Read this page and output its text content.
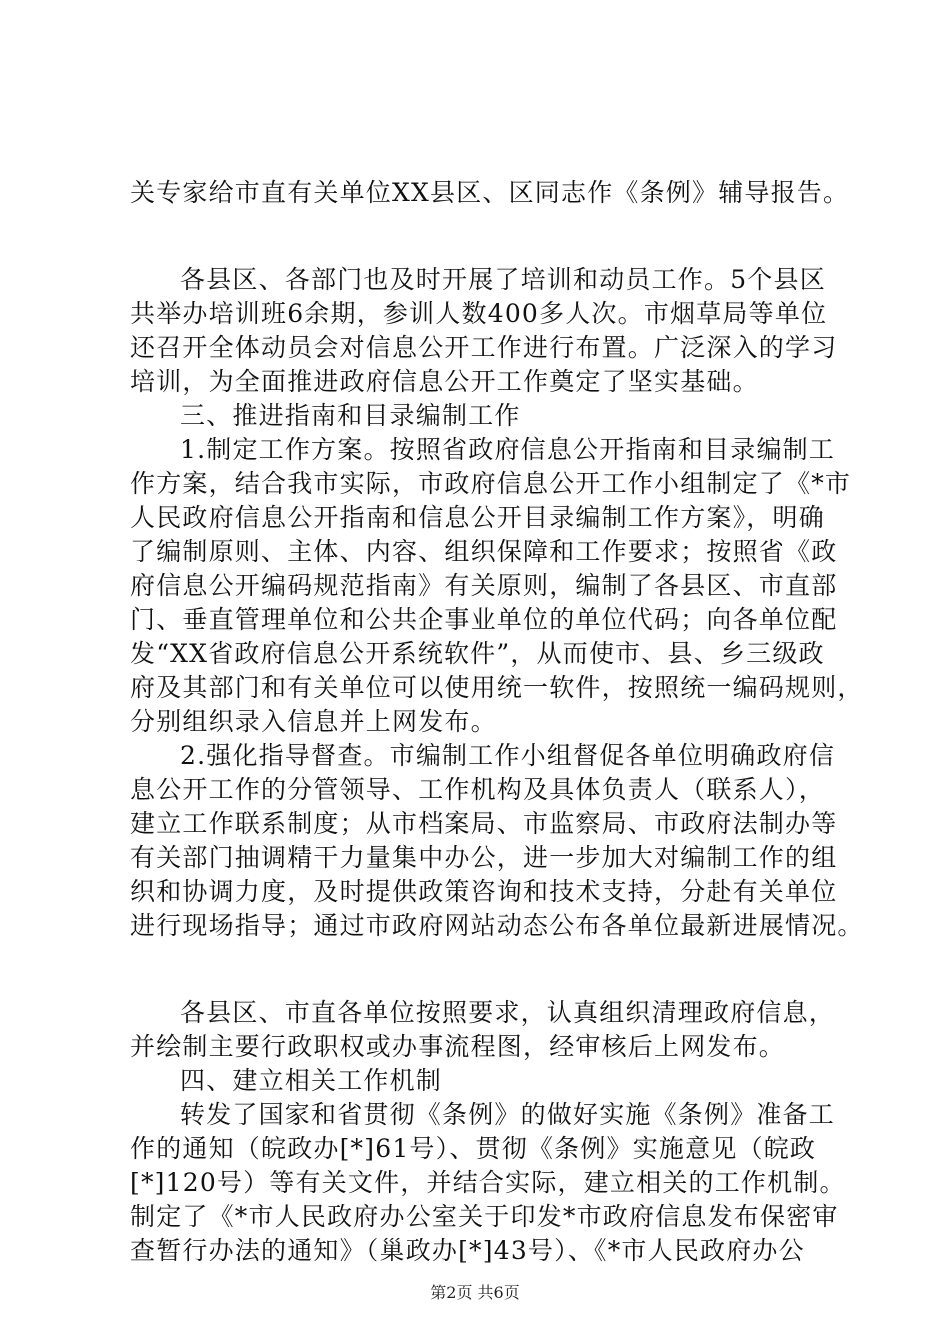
关专家给市直有关单位XX县区、区同志作《条例》辅导报告。
各县区、各部门也及时开展了培训和动员工作。5个县区
共举办培训班6余期，参训人数400多人次。市烟草局等单位
还召开全体动员会对信息公开工作进行布置。广泛深入的学习
培训，为全面推进政府信息公开工作奠定了坚实基础。
三、推进指南和目录编制工作
1.制定工作方案。按照省政府信息公开指南和目录编制工
作方案，结合我市实际，市政府信息公开工作小组制定了《*市
人民政府信息公开指南和信息公开目录编制工作方案》，明确
了编制原则、主体、内容、组织保障和工作要求；按照省《政
府信息公开编码规范指南》有关原则，编制了各县区、市直部
门、垂直管理单位和公共企事业单位的单位代码；向各单位配
发“XX省政府信息公开系统软件”，从而使市、县、乡三级政
府及其部门和有关单位可以使用统一软件，按照统一编码规则，
分别组织录入信息并上网发布。
2.强化指导督查。市编制工作小组督促各单位明确政府信
息公开工作的分管领导、工作机构及具体负责人（联系人），
建立工作联系制度；从市档案局、市监察局、市政府法制办等
有关部门抽调精干力量集中办公，进一步加大对编制工作的组
织和协调力度，及时提供政策咨询和技术支持，分赴有关单位
进行现场指导；通过市政府网站动态公布各单位最新进展情况。
各县区、市直各单位按照要求，认真组织清理政府信息，
并绘制主要行政职权或办事流程图，经审核后上网发布。
四、建立相关工作机制
转发了国家和省贯彻《条例》的做好实施《条例》准备工
作的通知（皖政办[*]61号）、贯彻《条例》实施意见（皖政
[*]120号）等有关文件，并结合实际，建立相关的工作机制。
制定了《*市人民政府办公室关于印发*市政府信息发布保密审
查暂行办法的通知》（巢政办[*]43号）、《*市人民政府办公
第2页 共6页
